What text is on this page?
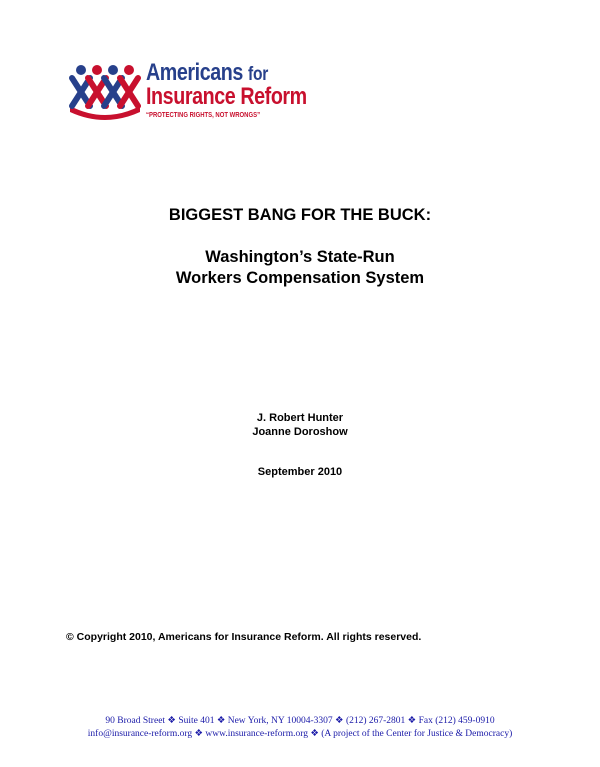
Americans for
Insurance Reform
“PROTECTING RIGHTS, NOT WRONGS”
BIGGEST BANG FOR THE BUCK:
Washington’s State-Run
Workers Compensation System
J. Robert Hunter
Joanne Doroshow
September 2010
© Copyright 2010, Americans for Insurance Reform. All rights reserved.
90 Broad Street ❖ Suite 401 ❖ New York, NY 10004-3307 ❖ (212) 267-2801 ❖ Fax (212) 459-0910
info@insurance-reform.org ❖ www.insurance-reform.org ❖ (A project of the Center for Justice & Democracy)
